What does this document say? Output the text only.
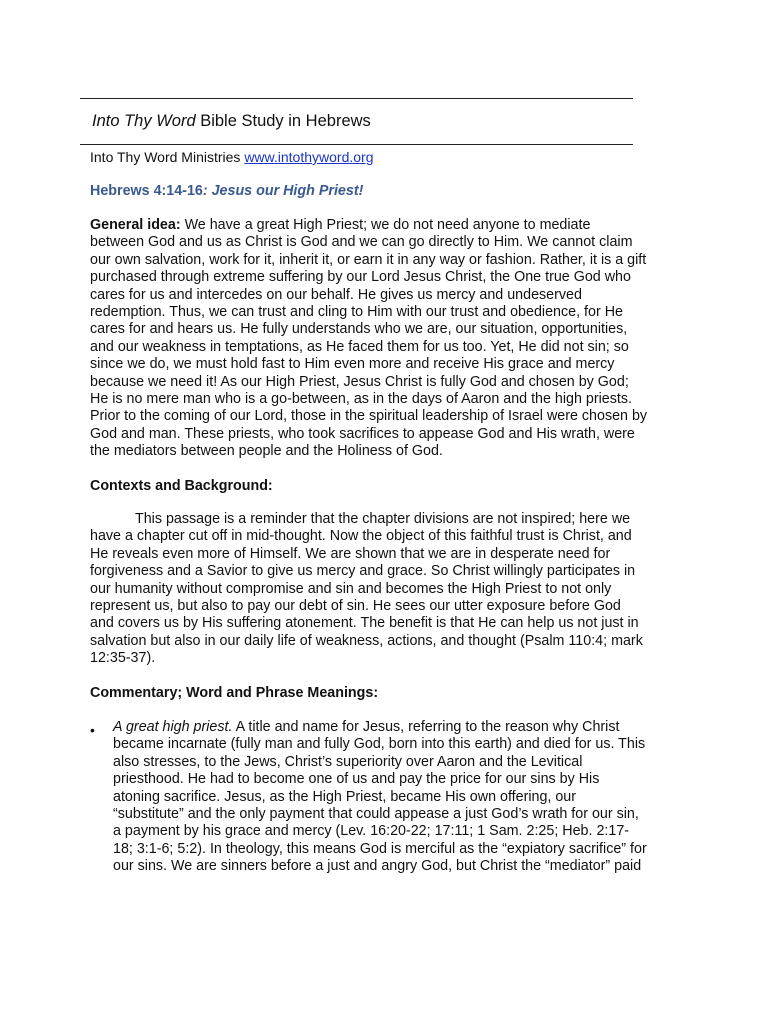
Into Thy Word Bible Study in Hebrews
Into Thy Word Ministries www.intothyword.org
Hebrews 4:14-16: Jesus our High Priest!
General idea: We have a great High Priest; we do not need anyone to mediate
between God and us as Christ is God and we can go directly to Him. We cannot claim
our own salvation, work for it, inherit it, or earn it in any way or fashion. Rather, it is a gift
purchased through extreme suffering by our Lord Jesus Christ, the One true God who
cares for us and intercedes on our behalf. He gives us mercy and undeserved
redemption. Thus, we can trust and cling to Him with our trust and obedience, for He
cares for and hears us. He fully understands who we are, our situation, opportunities,
and our weakness in temptations, as He faced them for us too. Yet, He did not sin; so
since we do, we must hold fast to Him even more and receive His grace and mercy
because we need it! As our High Priest, Jesus Christ is fully God and chosen by God;
He is no mere man who is a go-between, as in the days of Aaron and the high priests.
Prior to the coming of our Lord, those in the spiritual leadership of Israel were chosen by
God and man. These priests, who took sacrifices to appease God and His wrath, were
the mediators between people and the Holiness of God.
Contexts and Background:
This passage is a reminder that the chapter divisions are not inspired; here we
have a chapter cut off in mid-thought. Now the object of this faithful trust is Christ, and
He reveals even more of Himself. We are shown that we are in desperate need for
forgiveness and a Savior to give us mercy and grace. So Christ willingly participates in
our humanity without compromise and sin and becomes the High Priest to not only
represent us, but also to pay our debt of sin. He sees our utter exposure before God
and covers us by His suffering atonement. The benefit is that He can help us not just in
salvation but also in our daily life of weakness, actions, and thought (Psalm 110:4; mark
12:35-37).
Commentary; Word and Phrase Meanings:
• A great high priest. A title and name for Jesus, referring to the reason why Christ
became incarnate (fully man and fully God, born into this earth) and died for us. This
also stresses, to the Jews, Christ’s superiority over Aaron and the Levitical
priesthood. He had to become one of us and pay the price for our sins by His
atoning sacrifice. Jesus, as the High Priest, became His own offering, our
“substitute” and the only payment that could appease a just God’s wrath for our sin,
a payment by his grace and mercy (Lev. 16:20-22; 17:11; 1 Sam. 2:25; Heb. 2:17-
18; 3:1-6; 5:2). In theology, this means God is merciful as the “expiatory sacrifice” for
our sins. We are sinners before a just and angry God, but Christ the “mediator” paid
